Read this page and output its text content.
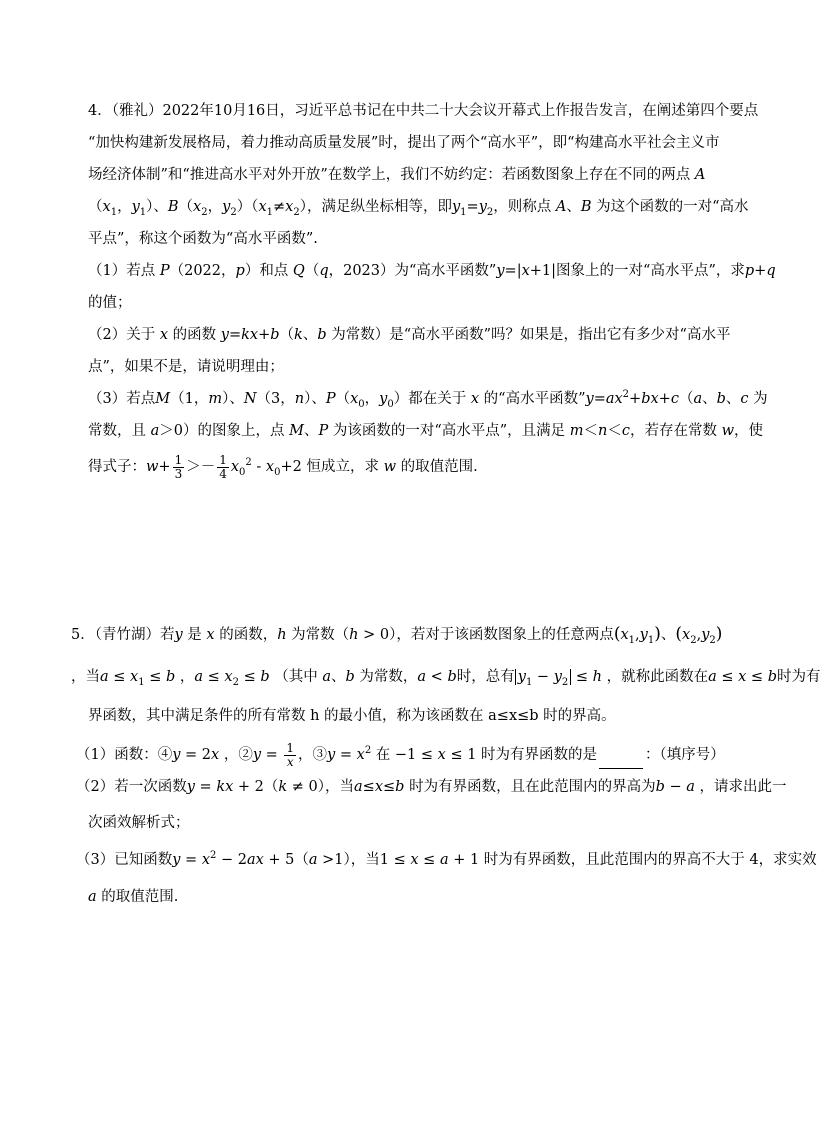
4．（雅礼）2022年10月16日，习近平总书记在中共二十大会议开幕式上作报告发言，在阐述第四个要点
“加快构建新发展格局，着力推动高质量发展”时，提出了两个“高水平”，即“构建高水平社会主义市
场经济体制”和“推进高水平对外开放”在数学上，我们不妨约定：若函数图象上存在不同的两点 A
（$x_1$，$y_1$）、$B(x_2$，$y_2)(x_1\ne x_2)$，满足纵坐标相等，即$y_1=y_2$，则称点 A、B 为这个函数的一对“高水
平点”，称这个函数为“高水平函数”.
（1）若点 P（2022，p）和点 Q（q，2023）为“高水平函数”y=|x+1|图象上的一对“高水平点”，求p+q
的值；
（2）关于 x 的函数 y=kx+b（k、b 为常数）是“高水平函数”吗？如果是，指出它有多少对“高水平
点”，如果不是，请说明理由；
（3）若点M（1，m）、N（3，n）、$P(x_0$，$y_0$）都在关于 x 的“高水平函数$”y=ax^2+bx+c(a$、b、c 为
常数，且 a＞0）的图象上，点 M、P 为该函数的一对“高水平点”，且满足 m＜n＜c，若存在常数 w，使
得式子：$w+ \frac{1}{3} >- \frac{1}{4} x_0^2 - x_0+2$ 恒成立，求 w 的取值范围.
5．（青竹湖）若y 是 x 的函数，h 为常数（h > 0），若对于该函数图象上的任意两点$(x_1,y_1)$、$(x_2,y_2)$
，当$a \le x_1 \le b$ ，$a \le x_2 \le b$ （其中 a、b 为常数，a < b时，总有 $y_1 - y_2 \le h$ ，就称此函数在a ≤ x ≤ b时为有
界函数，其中满足条件的所有常数 h 的最小值，称为该函数在 a≤x≤b 时的界高。
（1）函数：④y = 2x ，②y = $\frac{1}{x}$ ，③y = $x^2$ 在 −1 ≤ x ≤ 1 时为有界函数的是	：（填序号）
（2）若一次函数y = kx + 2（k ≠ 0），当a≤x≤b 时为有界函数，且在此范围内的界高为b − a ，请求出此一
次函效解析式；
（3）已知函数$y = x^2 - 2ax + 5(a >1)$，当1 ≤ x ≤ a + 1 时为有界函数，且此范围内的界高不大于 4，求实效
a 的取值范围.
